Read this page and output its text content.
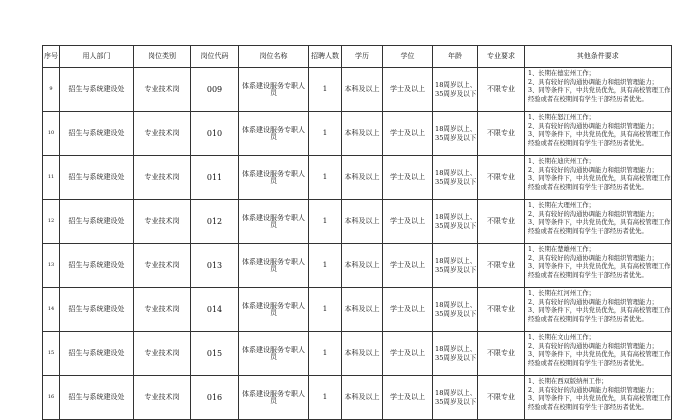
序号	用人部门	岗位类别	岗位代码	岗位名称	招聘人数	学历	学位	年龄	专业要求	其他条件要求
9	招生与系统建设处	专业技术岗	009	体系建设服务专职人员	1	本科及以上	学士及以上	18周岁以上、
35周岁及以下	不限专业	1、长期在德宏州工作；
2、具有较好的沟通协调能力和组织管理能力；
3、同等条件下，中共党员优先，具有高校管理工作
经验或者在校期间有学生干部经历者优先。

10	招生与系统建设处	专业技术岗	010	体系建设服务专职人员	1	本科及以上	学士及以上	18周岁以上、
35周岁及以下	不限专业	1、长期在怒江州工作；
2、具有较好的沟通协调能力和组织管理能力；
3、同等条件下，中共党员优先，具有高校管理工作
经验或者在校期间有学生干部经历者优先。

11	招生与系统建设处	专业技术岗	011	体系建设服务专职人员	1	本科及以上	学士及以上	18周岁以上、
35周岁及以下	不限专业	1、长期在迪庆州工作；
2、具有较好的沟通协调能力和组织管理能力；
3、同等条件下，中共党员优先，具有高校管理工作
经验或者在校期间有学生干部经历者优先。

12	招生与系统建设处	专业技术岗	012	体系建设服务专职人员	1	本科及以上	学士及以上	18周岁以上、
35周岁及以下	不限专业	1、长期在大理州工作；
2、具有较好的沟通协调能力和组织管理能力；
3、同等条件下，中共党员优先，具有高校管理工作
经验或者在校期间有学生干部经历者优先。

13	招生与系统建设处	专业技术岗	013	体系建设服务专职人员	1	本科及以上	学士及以上	18周岁以上、
35周岁及以下	不限专业	1、长期在楚雄州工作；
2、具有较好的沟通协调能力和组织管理能力；
3、同等条件下，中共党员优先，具有高校管理工作
经验或者在校期间有学生干部经历者优先。

14	招生与系统建设处	专业技术岗	014	体系建设服务专职人员	1	本科及以上	学士及以上	18周岁以上、
35周岁及以下	不限专业	1、长期在红河州工作；
2、具有较好的沟通协调能力和组织管理能力；
3、同等条件下，中共党员优先，具有高校管理工作
经验或者在校期间有学生干部经历者优先。

15	招生与系统建设处	专业技术岗	015	体系建设服务专职人员	1	本科及以上	学士及以上	18周岁以上、
35周岁及以下	不限专业	1、长期在文山州工作；
2、具有较好的沟通协调能力和组织管理能力；
3、同等条件下，中共党员优先，具有高校管理工作
经验或者在校期间有学生干部经历者优先。

16	招生与系统建设处	专业技术岗	016	体系建设服务专职人员	1	本科及以上	学士及以上	18周岁以上、
35周岁及以下	不限专业	1、长期在西双版纳州工作；
2、具有较好的沟通协调能力和组织管理能力；
3、同等条件下，中共党员优先，具有高校管理工作
经验或者在校期间有学生干部经历者优先。
